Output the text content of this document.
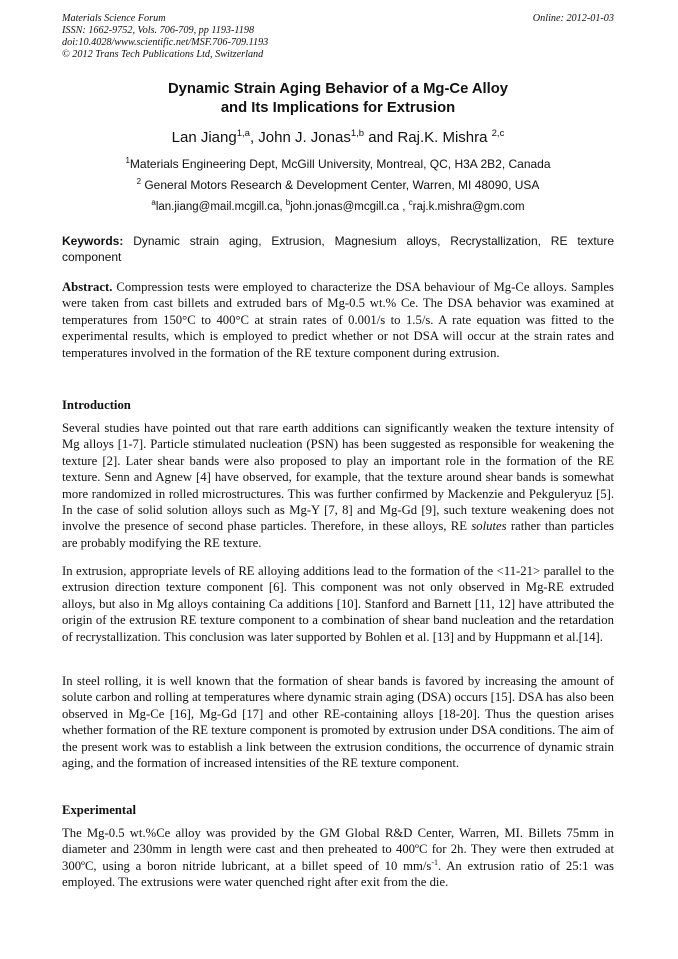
Materials Science Forum
ISSN: 1662-9752, Vols. 706-709, pp 1193-1198
doi:10.4028/www.scientific.net/MSF.706-709.1193
© 2012 Trans Tech Publications Ltd, Switzerland
Online: 2012-01-03
Dynamic Strain Aging Behavior of a Mg-Ce Alloy
and Its Implications for Extrusion
Lan Jiang$^{1,a}$, John J. Jonas$^{1,b}$ and Raj.K. Mishra $^{2,c}$
$^1$Materials Engineering Dept, McGill University, Montreal, QC, H3A 2B2, Canada
$^2$ General Motors Research & Development Center, Warren, MI 48090, USA
$^a$lan.jiang@mail.mcgill.ca, $^b$john.jonas@mcgill.ca , $^c$raj.k.mishra@gm.com
Keywords: Dynamic strain aging, Extrusion, Magnesium alloys, Recrystallization, RE texture component
Abstract. Compression tests were employed to characterize the DSA behaviour of Mg-Ce alloys. Samples were taken from cast billets and extruded bars of Mg-0.5 wt.% Ce. The DSA behavior was examined at temperatures from 150°C to 400°C at strain rates of 0.001/s to 1.5/s. A rate equation was fitted to the experimental results, which is employed to predict whether or not DSA will occur at the strain rates and temperatures involved in the formation of the RE texture component during extrusion.
Introduction
Several studies have pointed out that rare earth additions can significantly weaken the texture intensity of Mg alloys [1-7]. Particle stimulated nucleation (PSN) has been suggested as responsible for weakening the texture [2]. Later shear bands were also proposed to play an important role in the formation of the RE texture. Senn and Agnew [4] have observed, for example, that the texture around shear bands is somewhat more randomized in rolled microstructures. This was further confirmed by Mackenzie and Pekguleryuz [5]. In the case of solid solution alloys such as Mg-Y [7, 8] and Mg-Gd [9], such texture weakening does not involve the presence of second phase particles. Therefore, in these alloys, RE solutes rather than particles are probably modifying the RE texture.
In extrusion, appropriate levels of RE alloying additions lead to the formation of the <11-21> parallel to the extrusion direction texture component [6]. This component was not only observed in Mg-RE extruded alloys, but also in Mg alloys containing Ca additions [10]. Stanford and Barnett [11, 12] have attributed the origin of the extrusion RE texture component to a combination of shear band nucleation and the retardation of recrystallization. This conclusion was later supported by Bohlen et al. [13] and by Huppmann et al.[14].
In steel rolling, it is well known that the formation of shear bands is favored by increasing the amount of solute carbon and rolling at temperatures where dynamic strain aging (DSA) occurs [15]. DSA has also been observed in Mg-Ce [16], Mg-Gd [17] and other RE-containing alloys [18-20]. Thus the question arises whether formation of the RE texture component is promoted by extrusion under DSA conditions. The aim of the present work was to establish a link between the extrusion conditions, the occurrence of dynamic strain aging, and the formation of increased intensities of the RE texture component.
Experimental
The Mg-0.5 wt.%Ce alloy was provided by the GM Global R&D Center, Warren, MI. Billets 75mm in diameter and 230mm in length were cast and then preheated to 400ºC for 2h. They were then extruded at 300ºC, using a boron nitride lubricant, at a billet speed of 10 $mm/s^{-1}$. An extrusion ratio of 25:1 was employed. The extrusions were water quenched right after exit from the die.
